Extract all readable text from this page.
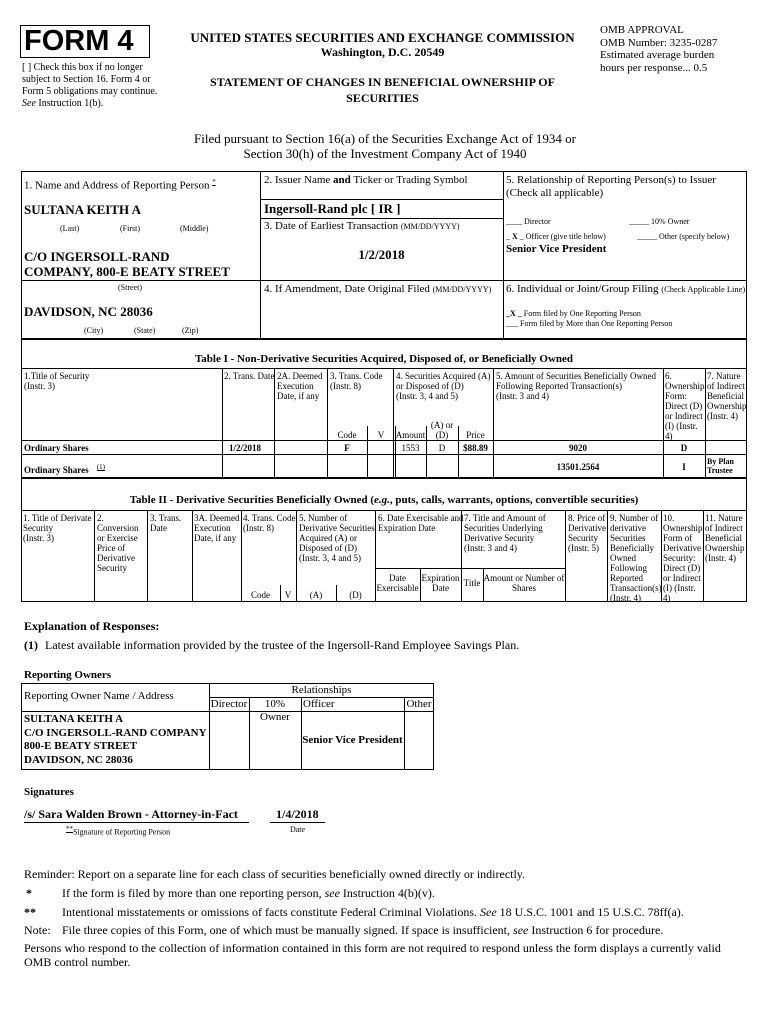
FORM 4
[ ] Check this box if no longer subject to Section 16. Form 4 or Form 5 obligations may continue. See Instruction 1(b).
UNITED STATES SECURITIES AND EXCHANGE COMMISSION
Washington, D.C. 20549
STATEMENT OF CHANGES IN BENEFICIAL OWNERSHIP OF
SECURITIES
OMB APPROVAL
OMB Number: 3235-0287
Estimated average burden
hours per response... 0.5
Filed pursuant to Section 16(a) of the Securities Exchange Act of 1934 or
Section 30(h) of the Investment Company Act of 1940
1. Name and Address of Reporting Person *
SULTANA KEITH A
(Last)	(First)	(Middle)
C/O INGERSOLL-RAND
COMPANY, 800-E BEATY STREET
(Street)
DAVIDSON, NC 28036
(City)	(State)	(Zip)
2. Issuer Name and Ticker or Trading Symbol
Ingersoll-Rand plc [ IR ]
3. Date of Earliest Transaction (MM/DD/YYYY)
1/2/2018
4. If Amendment, Date Original Filed (MM/DD/YYYY)
5. Relationship of Reporting Person(s) to Issuer
(Check all applicable)
____ Director	_____ 10% Owner
_ X _ Officer (give title below)	_____ Other (specify below)
Senior Vice President
6. Individual or Joint/Group Filing (Check Applicable Line)
_X _ Form filed by One Reporting Person
___ Form filed by More than One Reporting Person
Table I - Non-Derivative Securities Acquired, Disposed of, or Beneficially Owned
1.Title of Security
(Instr. 3)
2. Trans. Date 2A. Deemed
Execution
Date, if any
3. Trans. Code
(Instr. 8)
4. Securities Acquired (A)
or Disposed of (D)
(Instr. 3, 4 and 5)
5. Amount of Securities Beneficially Owned
Following Reported Transaction(s)
(Instr. 3 and 4)
6.
Ownership
Form:
Direct (D)
or Indirect
(I) (Instr.
4)
7. Nature
of Indirect
Beneficial
Ownership
(Instr. 4)
Code	V	Amount
(A) or
(D)	Price
Ordinary Shares	1/2/2018	F	1553	D	$88.89	9020	D
Ordinary Shares $^{(1)}$	13501.2564	I
By Plan
Trustee
Table II - Derivative Securities Beneficially Owned (e.g., puts, calls, warrants, options, convertible securities)
1. Title of Derivate
Security
(Instr. 3)
2.
Conversion
or Exercise
Price of
Derivative
Security
3. Trans.
Date
3A. Deemed
Execution
Date, if any
4. Trans. Code
(Instr. 8)
5. Number of
Derivative Securities
Acquired (A) or
Disposed of (D)
(Instr. 3, 4 and 5)
6. Date Exercisable and
Expiration Date
7. Title and Amount of
Securities Underlying
Derivative Security
(Instr. 3 and 4)
8. Price of
Derivative
Security
(Instr. 5)
9. Number of
derivative
Securities
Beneficially
Owned
Following
Reported
Transaction(s)
(Instr. 4)
10.
Ownership
Form of
Derivative
Security:
Direct (D)
or Indirect
(I) (Instr.
4)
11. Nature
of Indirect
Beneficial
Ownership
(Instr. 4)
Code	V	(A)	(D)
Date
Exercisable
Expiration
Date	Title Amount or Number of
Shares
Explanation of Responses:
(1) Latest available information provided by the trustee of the Ingersoll-Rand Employee Savings Plan.
Reporting Owners
Reporting Owner Name / Address	Relationships
Director	10% Owner
Officer	Other
SULTANA KEITH A
C/O INGERSOLL-RAND COMPANY
800-E BEATY STREET
DAVIDSON, NC 28036
Senior Vice President
Signatures
/s/ Sara Walden Brown - Attorney-in-Fact	1/4/2018
**Signature of Reporting Person	Date
Reminder: Report on a separate line for each class of securities beneficially owned directly or indirectly.
*	If the form is filed by more than one reporting person, see Instruction 4(b)(v).
** Intentional misstatements or omissions of facts constitute Federal Criminal Violations. See 18 U.S.C. 1001 and 15 U.S.C. 78ff(a).
Note: File three copies of this Form, one of which must be manually signed. If space is insufficient, see Instruction 6 for procedure.
Persons who respond to the collection of information contained in this form are not required to respond unless the form displays a currently valid OMB control number.
